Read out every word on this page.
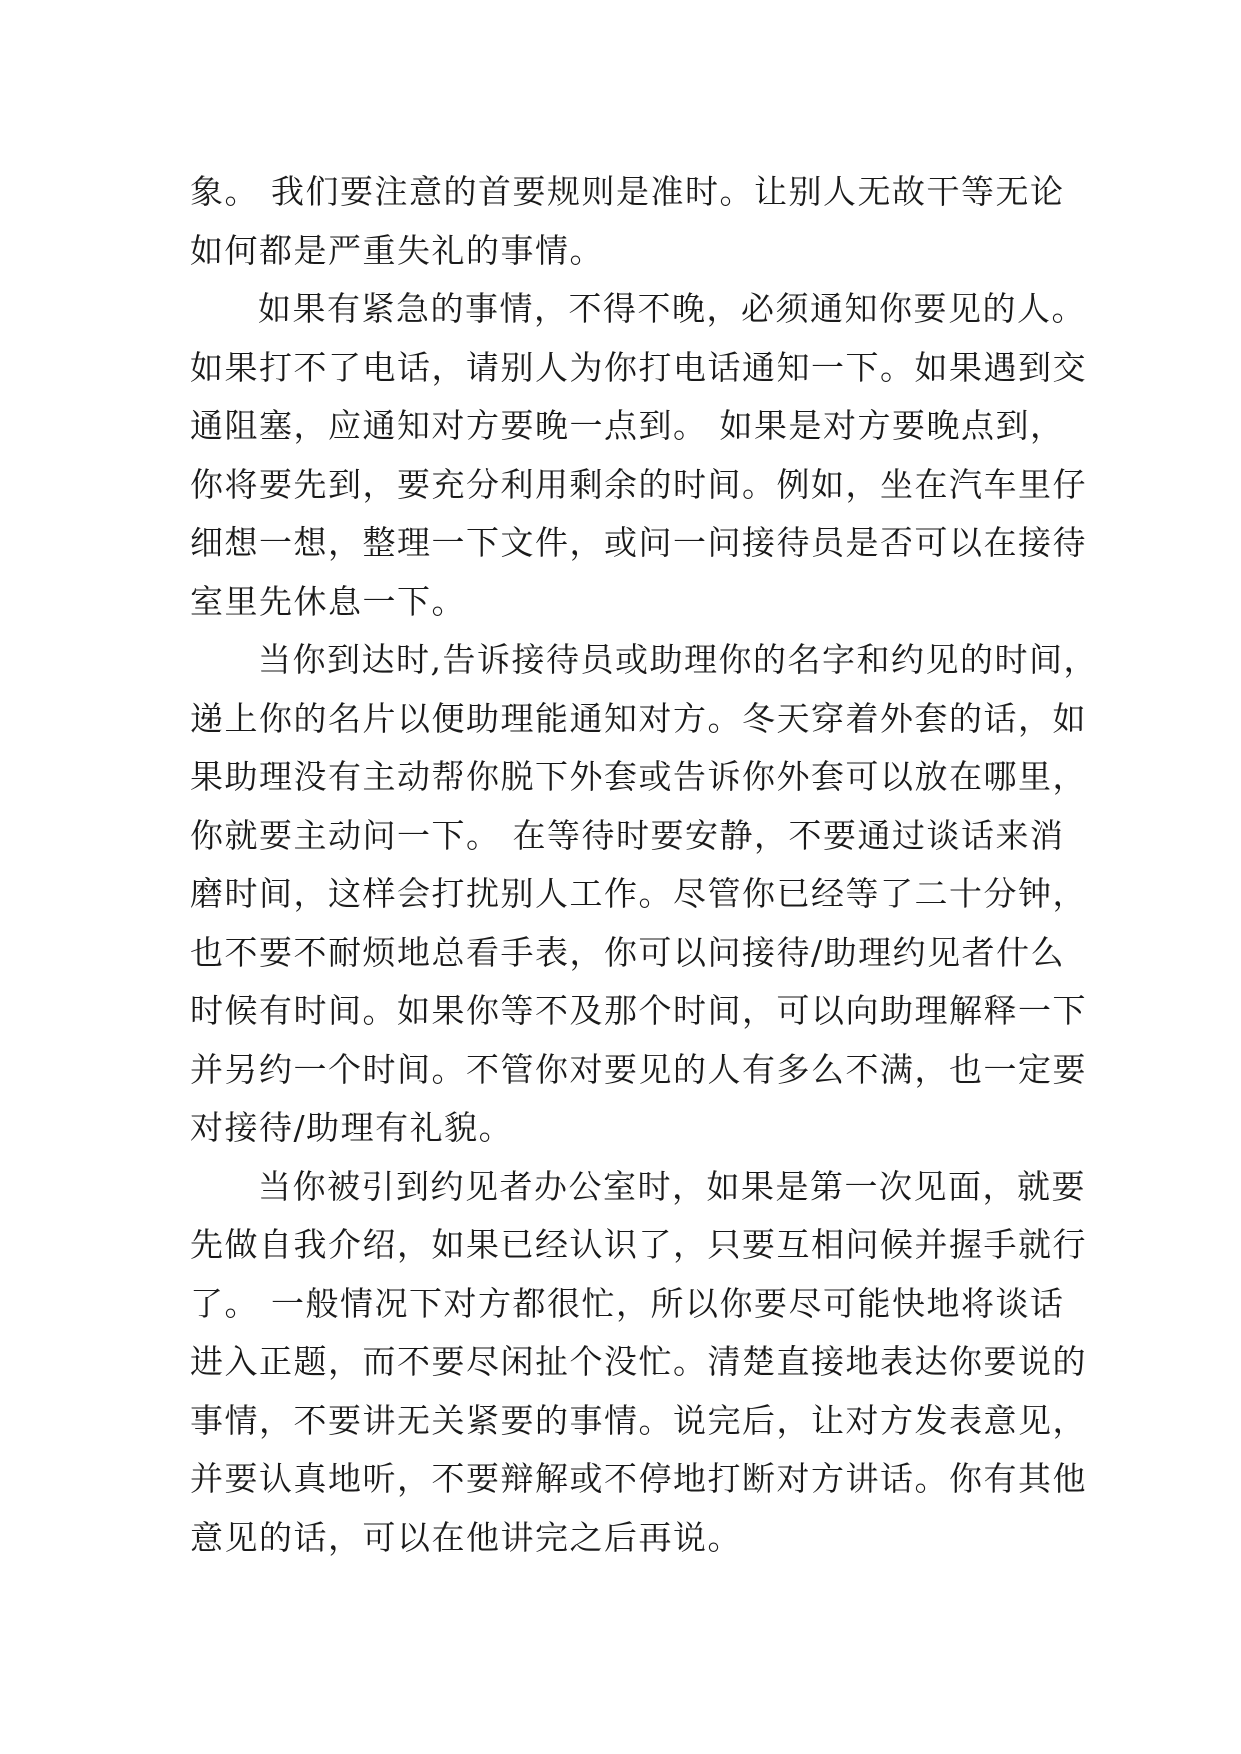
象。 我们要注意的首要规则是准时。让别人无故干等无论
如何都是严重失礼的事情。
如果有紧急的事情，不得不晚，必须通知你要见的人。
如果打不了电话，请别人为你打电话通知一下。如果遇到交
通阻塞，应通知对方要晚一点到。 如果是对方要晚点到，
你将要先到，要充分利用剩余的时间。例如，坐在汽车里仔
细想一想，整理一下文件，或问一问接待员是否可以在接待
室里先休息一下。
当你到达时,告诉接待员或助理你的名字和约见的时间，
递上你的名片以便助理能通知对方。冬天穿着外套的话，如
果助理没有主动帮你脱下外套或告诉你外套可以放在哪里，
你就要主动问一下。 在等待时要安静，不要通过谈话来消
磨时间，这样会打扰别人工作。尽管你已经等了二十分钟，
也不要不耐烦地总看手表，你可以问接待/助理约见者什么
时候有时间。如果你等不及那个时间，可以向助理解释一下
并另约一个时间。不管你对要见的人有多么不满，也一定要
对接待/助理有礼貌。
当你被引到约见者办公室时，如果是第一次见面，就要
先做自我介绍，如果已经认识了，只要互相问候并握手就行
了。 一般情况下对方都很忙，所以你要尽可能快地将谈话
进入正题，而不要尽闲扯个没忙。清楚直接地表达你要说的
事情，不要讲无关紧要的事情。说完后，让对方发表意见，
并要认真地听，不要辩解或不停地打断对方讲话。你有其他
意见的话，可以在他讲完之后再说。
